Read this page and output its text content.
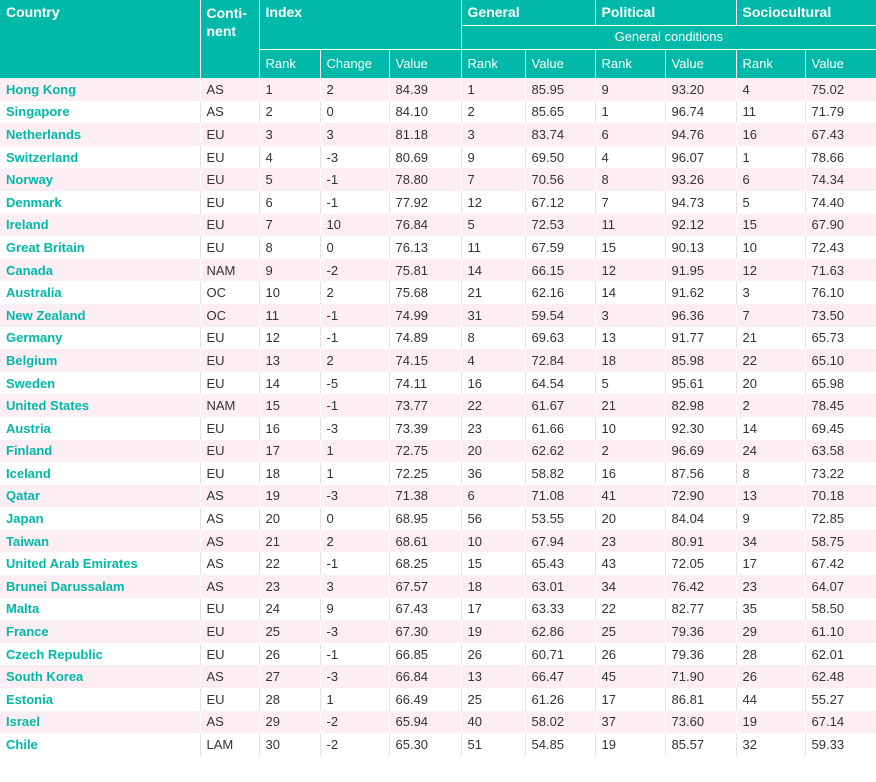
Country	Conti-
nent	Index			General		Political		Sociocultural	
					General conditions					
		Rank	Change	Value	Rank	Value	Rank	Value	Rank	Value
Hong Kong	AS	1	2	84.39	1	85.95	9	93.20	4	75.02
Singapore	AS	2	0	84.10	2	85.65	1	96.74	11	71.79
Netherlands	EU	3	3	81.18	3	83.74	6	94.76	16	67.43
Switzerland	EU	4	-3	80.69	9	69.50	4	96.07	1	78.66
Norway	EU	5	-1	78.80	7	70.56	8	93.26	6	74.34
Denmark	EU	6	-1	77.92	12	67.12	7	94.73	5	74.40
Ireland	EU	7	10	76.84	5	72.53	11	92.12	15	67.90
Great Britain	EU	8	0	76.13	11	67.59	15	90.13	10	72.43
Canada	NAM	9	-2	75.81	14	66.15	12	91.95	12	71.63
Australia	OC	10	2	75.68	21	62.16	14	91.62	3	76.10
New Zealand	OC	11	-1	74.99	31	59.54	3	96.36	7	73.50
Germany	EU	12	-1	74.89	8	69.63	13	91.77	21	65.73
Belgium	EU	13	2	74.15	4	72.84	18	85.98	22	65.10
Sweden	EU	14	-5	74.11	16	64.54	5	95.61	20	65.98
United States	NAM	15	-1	73.77	22	61.67	21	82.98	2	78.45
Austria	EU	16	-3	73.39	23	61.66	10	92.30	14	69.45
Finland	EU	17	1	72.75	20	62.62	2	96.69	24	63.58
Iceland	EU	18	1	72.25	36	58.82	16	87.56	8	73.22
Qatar	AS	19	-3	71.38	6	71.08	41	72.90	13	70.18
Japan	AS	20	0	68.95	56	53.55	20	84.04	9	72.85
Taiwan	AS	21	2	68.61	10	67.94	23	80.91	34	58.75
United Arab Emirates	AS	22	-1	68.25	15	65.43	43	72.05	17	67.42
Brunei Darussalam	AS	23	3	67.57	18	63.01	34	76.42	23	64.07
Malta	EU	24	9	67.43	17	63.33	22	82.77	35	58.50
France	EU	25	-3	67.30	19	62.86	25	79.36	29	61.10
Czech Republic	EU	26	-1	66.85	26	60.71	26	79.36	28	62.01
South Korea	AS	27	-3	66.84	13	66.47	45	71.90	26	62.48
Estonia	EU	28	1	66.49	25	61.26	17	86.81	44	55.27
Israel	AS	29	-2	65.94	40	58.02	37	73.60	19	67.14
Chile	LAM	30	-2	65.30	51	54.85	19	85.57	32	59.33
